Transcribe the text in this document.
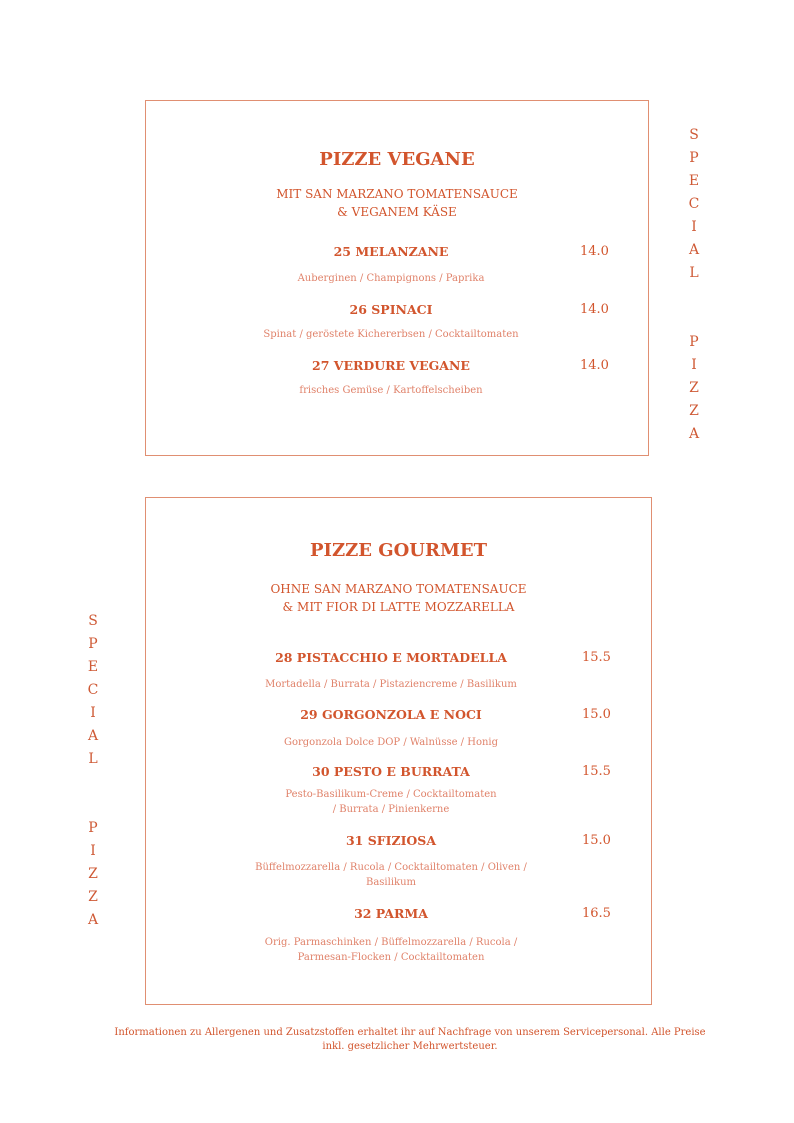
PIZZE VEGANE
MIT SAN MARZANO TOMATENSAUCE
& VEGANEM KÄSE
25 MELANZANE	14.0
Auberginen / Champignons / Paprika
26 SPINACI	14.0
Spinat / geröstete Kichererbsen / Cocktailtomaten
27 VERDURE VEGANE	14.0
frisches Gemüse / Kartoffelscheiben
S
P
E
C
I
A
L
P
I
Z
Z
A
PIZZE GOURMET
OHNE SAN MARZANO TOMATENSAUCE
& MIT FIOR DI LATTE MOZZARELLA
28 PISTACCHIO E MORTADELLA	15.5
Mortadella / Burrata / Pistaziencreme / Basilikum
29 GORGONZOLA E NOCI	15.0
Gorgonzola Dolce DOP / Walnüsse / Honig
30 PESTO E BURRATA	15.5
Pesto-Basilikum-Creme / Cocktailtomaten
/ Burrata / Pinienkerne
31 SFIZIOSA	15.0
Büffelmozzarella / Rucola / Cocktailtomaten / Oliven /
Basilikum
32 PARMA	16.5
Orig. Parmaschinken / Büffelmozzarella / Rucola /
Parmesan-Flocken / Cocktailtomaten
S
P
E
C
I
A
L
P
I
Z
Z
A
Informationen zu Allergenen und Zusatzstoffen erhaltet ihr auf Nachfrage von unserem Servicepersonal. Alle Preise
inkl. gesetzlicher Mehrwertsteuer.
